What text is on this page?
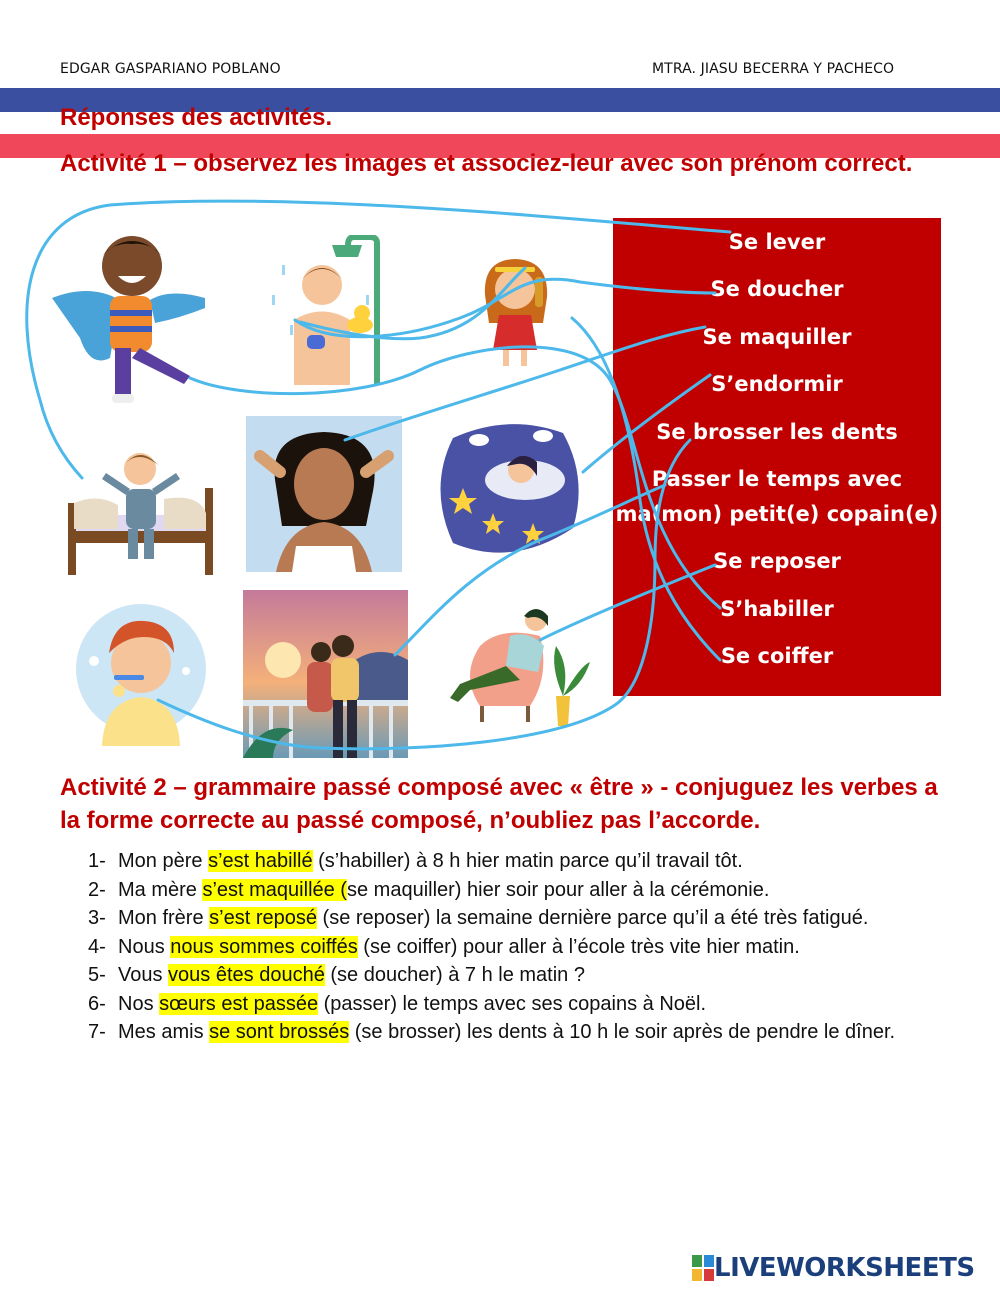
EDGAR GASPARIANO POBLANO	MTRA. JIASU BECERRA Y PACHECO
Réponses des activités.
Activité 1 – observez les images et associez-leur avec son prénom correct.
Se lever
Se doucher
Se maquiller
S’endormir
Se brosser les dents
Passer le temps avec
ma(mon) petit(e) copain(e)
Se reposer
S’habiller
Se coiffer
Activité 2 – grammaire passé composé avec « être » - conjuguez les verbes a la forme correcte au passé composé, n’oubliez pas l’accorde.
1- Mon père s’est habillé (s’habiller) à 8 h hier matin parce qu’il travail tôt.
2- Ma mère s’est maquillée (se maquiller) hier soir pour aller à la cérémonie.
3- Mon frère s’est reposé (se reposer) la semaine dernière parce qu’il a été très fatigué.
4- Nous nous sommes coiffés (se coiffer) pour aller à l’école très vite hier matin.
5- Vous vous êtes douché (se doucher) à 7 h le matin ?
6- Nos sœurs est passée (passer) le temps avec ses copains à Noël.
7- Mes amis se sont brossés (se brosser) les dents à 10 h le soir après de pendre le dîner.
LIVEWORKSHEETS
